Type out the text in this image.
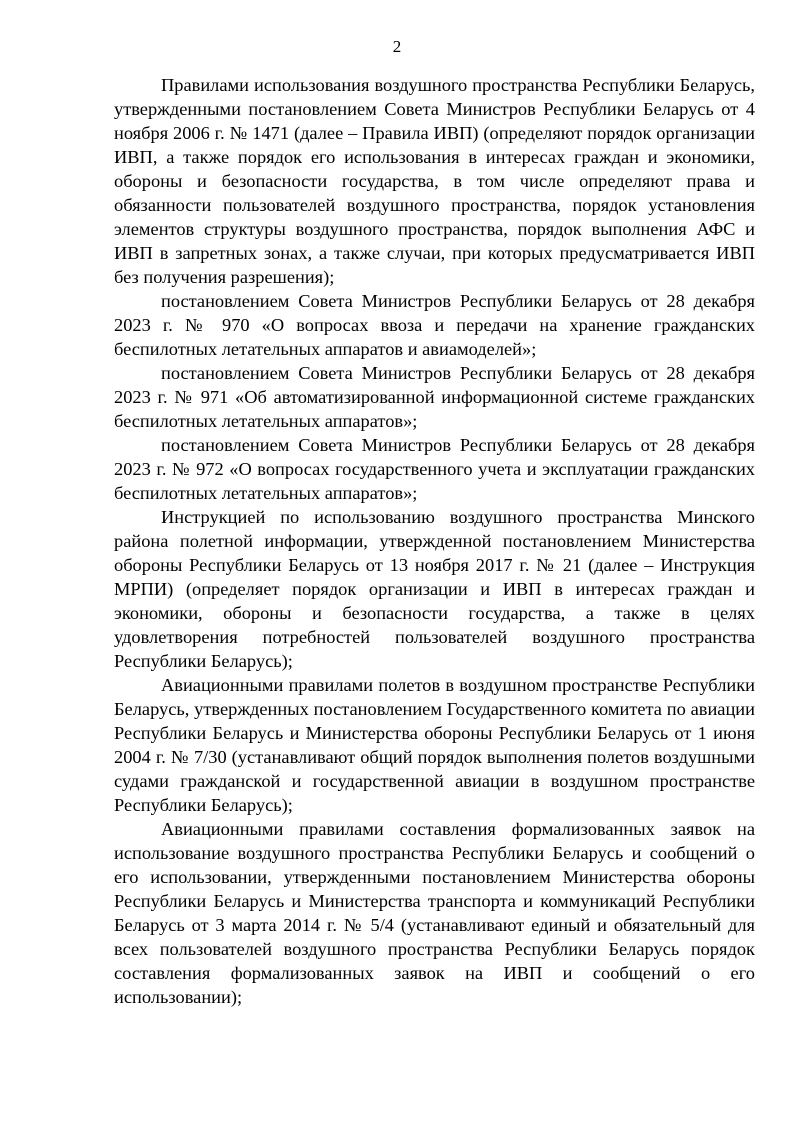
2

Правилами использования воздушного пространства Республики Беларусь, утвержденными постановлением Совета Министров Республики Беларусь от 4 ноября 2006 г. № 1471 (далее – Правила ИВП) (определяют порядок организации ИВП, а также порядок его использования в интересах граждан и экономики, обороны и безопасности государства, в том числе определяют права и обязанности пользователей воздушного пространства, порядок установления элементов структуры воздушного пространства, порядок выполнения АФС и ИВП в запретных зонах, а также случаи, при которых предусматривается ИВП без получения разрешения);

постановлением Совета Министров Республики Беларусь от 28 декабря 2023 г. № 970 «О вопросах ввоза и передачи на хранение гражданских беспилотных летательных аппаратов и авиамоделей»;

постановлением Совета Министров Республики Беларусь от 28 декабря 2023 г. № 971 «Об автоматизированной информационной системе гражданских беспилотных летательных аппаратов»;

постановлением Совета Министров Республики Беларусь от 28 декабря 2023 г. № 972 «О вопросах государственного учета и эксплуатации гражданских беспилотных летательных аппаратов»;

Инструкцией по использованию воздушного пространства Минского района полетной информации, утвержденной постановлением Министерства обороны Республики Беларусь от 13 ноября 2017 г. № 21 (далее – Инструкция МРПИ) (определяет порядок организации и ИВП в интересах граждан и экономики, обороны и безопасности государства, а также в целях удовлетворения потребностей пользователей воздушного пространства Республики Беларусь);

Авиационными правилами полетов в воздушном пространстве Республики Беларусь, утвержденных постановлением Государственного комитета по авиации Республики Беларусь и Министерства обороны Республики Беларусь от 1 июня 2004 г. № 7/30 (устанавливают общий порядок выполнения полетов воздушными судами гражданской и государственной авиации в воздушном пространстве Республики Беларусь);

Авиационными правилами составления формализованных заявок на использование воздушного пространства Республики Беларусь и сообщений о его использовании, утвержденными постановлением Министерства обороны Республики Беларусь и Министерства транспорта и коммуникаций Республики Беларусь от 3 марта 2014 г. № 5/4 (устанавливают единый и обязательный для всех пользователей воздушного пространства Республики Беларусь порядок составления формализованных заявок на ИВП и сообщений о его использовании);
